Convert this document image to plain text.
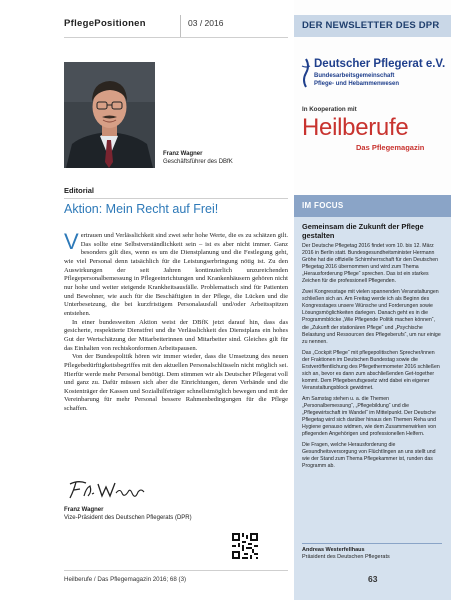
PflegePositionen	03 / 2016
Franz Wagner
Geschäftsführer des DBfK
Editorial
Aktion: Mein Recht auf Frei!

Vertrauen und Verlässlichkeit sind zwei sehr hohe Werte, die es zu schätzen gilt. Das sollte eine Selbstverständlichkeit sein – ist es aber nicht immer. Ganz besonders gilt dies, wenn es um die Dienstplanung und die Festlegung geht, wie viel Personal denn tatsächlich für die Leistungserbringung nötig ist. Zu den Auswirkungen der seit Jahren kontinuierlich unzureichenden Pflegepersonalbemessung in Pflegeeinrichtungen und Krankenhäusern gehören nicht nur hohe und weiter steigende Krankheitsausfälle. Problematisch sind für Patienten und Bewohner, wie auch für die Beschäftigten in der Pflege, die Lücken und die Unterbesetzung, die bei kurzfristigem Personalausfall und/oder Arbeitsspitzen entstehen.

In einer bundesweiten Aktion weist der DBfK jetzt darauf hin, dass das gesicherte, respektierte Dienstfrei und die Verlässlichkeit des Dienstplans ein hohes Gut der Wertschätzung der Mitarbeiterinnen und Mitarbeiter sind. Gleiches gilt für das Einhalten von rechtskonformen Arbeitspausen.

Von der Bundespolitik hören wir immer wieder, dass die Umsetzung des neuen Pflegebedürftigkeitsbegriffes mit den aktuellen Personalschlüsseln nicht möglich sei. Hierfür werde mehr Personal benötigt. Dem stimmen wir als Deutscher Pflegerat voll und ganz zu. Dafür müssen sich aber die Einrichtungen, deren Verbände und die Kostenträger der Kassen und Sozialhilfeträger schnellstmöglich bewegen und mit der Vereinbarung für mehr Personal bessere Rahmenbedingungen für die Pflege schaffen.

Franz Wagner
Vize-Präsident des Deutschen Pflegerats (DPR)
Heilberufe / Das Pflegemagazin 2016; 68 (3)
DER NEWSLETTER DES DPR
Deutscher Pflegerat e.V.
Bundesarbeitsgemeinschaft
Pflege- und Hebammenwesen
In Kooperation mit
Heilberufe
Das Pflegemagazin
IM FOCUS
Gemeinsam die Zukunft der Pflege gestalten

Der Deutsche Pflegetag 2016 findet vom 10. bis 12. März 2016 in Berlin statt. Bundesgesundheitsminister Hermann Gröhe hat die offizielle Schirmherrschaft für den Deutschen Pflegetag 2016 übernommen und wird zum Thema „Herausforderung Pflege“ sprechen. Das ist ein starkes Zeichen für die professionell Pflegenden.

Zwei Kongresstage mit vielen spannenden Veranstaltungen schließen sich an. Am Freitag werde ich als Beginn des Kongresstages unsere Wünsche und Forderungen sowie Lösungsmöglichkeiten darlegen. Danach geht es in die Programmblöcke „Wie Pflegende Politik machen können“, die „Zukunft der stationären Pflege“ und „Psychische Belastung und Ressourcen des Pflegeberufs“, um nur einige zu nennen.

Das „Cockpit Pflege“ mit pflegepolitischen Sprecher/innen der Fraktionen im Deutschen Bundestag sowie die Erstveröffentlichung des Pflegethermometer 2016 schließen sich an, bevor es dann zum abschließenden Get-together kommt. Dem Pflegeberufsgesetz wird dabei ein eigener Veranstaltungsblock gewidmet.

Am Samstag stehen u. a. die Themen „Personalbemessung“, „Pflegebildung“ und die „Pflegewirtschaft im Wandel“ im Mittelpunkt. Der Deutsche Pflegetag wird sich darüber hinaus den Themen Reha und Hygiene genauso widmen, wie dem Zusammenwirken von pflegenden Angehörigen und professionellen Helfern.

Die Fragen, welche Herausforderung die Gesundheitsversorgung von Flüchtlingen an uns stellt und wie der Stand zum Thema Pflegekammer ist, runden das Programm ab.

Andreas Westerfellhaus
Präsident des Deutschen Pflegerats
63
